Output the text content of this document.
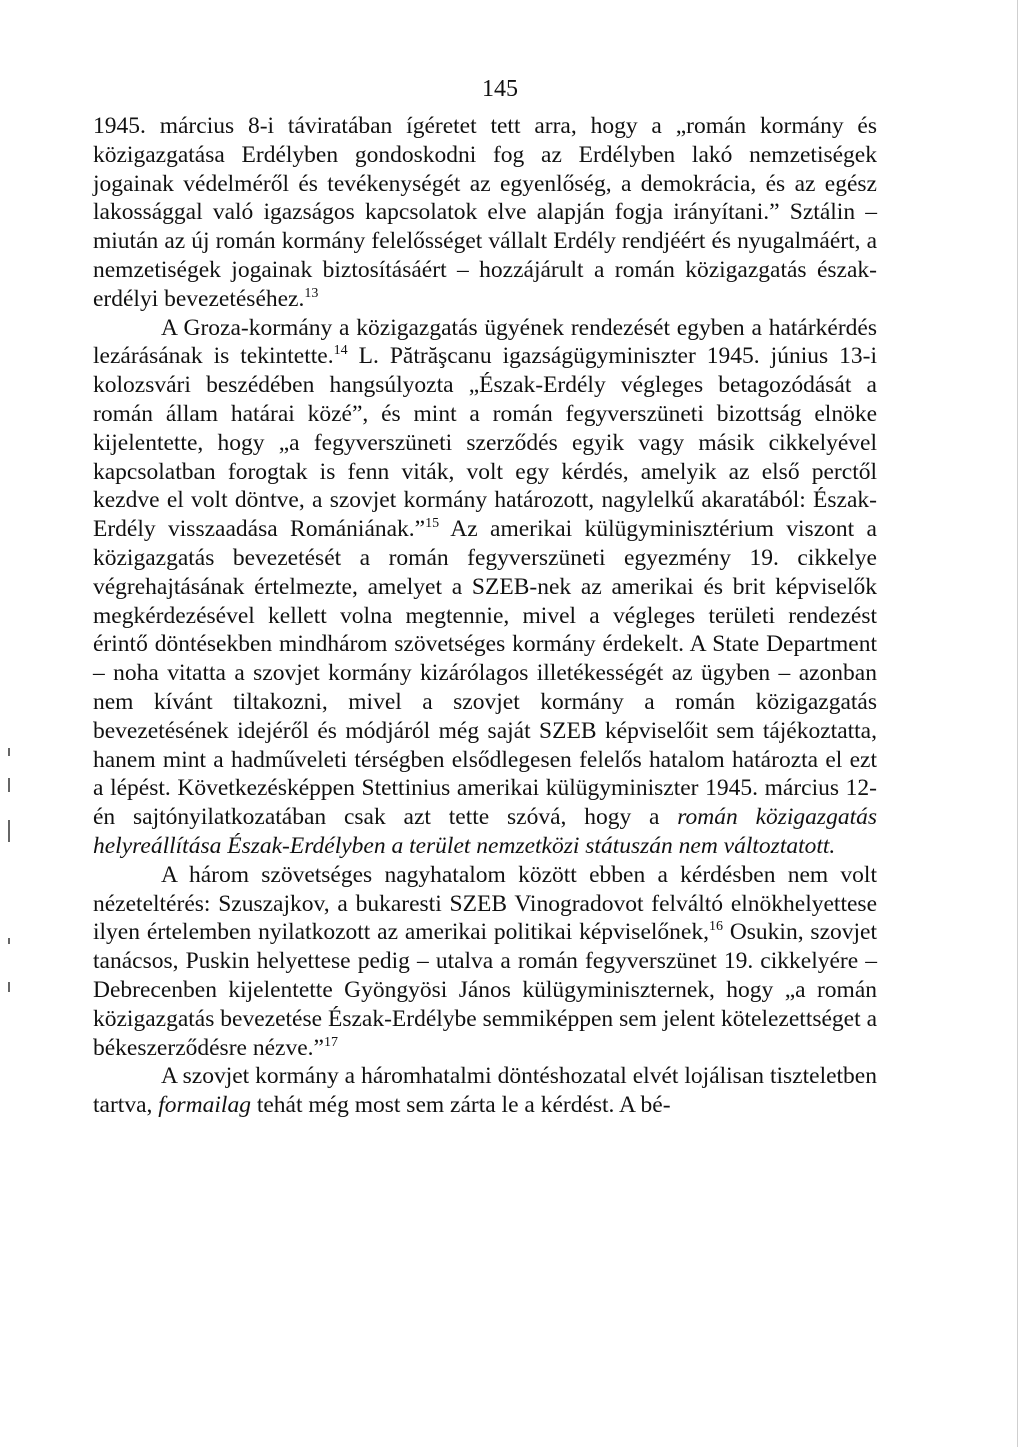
145

1945. március 8-i táviratában ígéretet tett arra, hogy a „román kormány és közigazgatása Erdélyben gondoskodni fog az Erdélyben lakó nemzetiségek jogainak védelméről és tevékenységét az egyenlőség, a demokrácia, és az egész lakossággal való igazságos kapcsolatok elve alapján fogja irányítani.” Sztálin – miután az új román kormány felelősséget vállalt Erdély rendjéért és nyugalmáért, a nemzetiségek jogainak biztosításáért – hozzájárult a román közigazgatás észak-erdélyi bevezetéséhez.$^{13}$

A Groza-kormány a közigazgatás ügyének rendezését egyben a határkérdés lezárásának is tekintette.$^{14}$ L. Pătrăşcanu igazságügyminiszter 1945. június 13-i kolozsvári beszédében hangsúlyozta „Észak-Erdély végleges betagozódását a román állam határai közé”, és mint a román fegyverszüneti bizottság elnöke kijelentette, hogy „a fegyverszüneti szerződés egyik vagy másik cikkelyével kapcsolatban forogtak is fenn viták, volt egy kérdés, amelyik az első perctől kezdve el volt döntve, a szovjet kormány határozott, nagylelkű akaratából: Észak-Erdély visszaadása Romániának.”$^{15}$ Az amerikai külügyminisztérium viszont a közigazgatás bevezetését a román fegyverszüneti egyezmény 19. cikkelye végrehajtásának értelmezte, amelyet a SZEB-nek az amerikai és brit képviselők megkérdezésével kellett volna megtennie, mivel a végleges területi rendezést érintő döntésekben mindhárom szövetséges kormány érdekelt. A State Department – noha vitatta a szovjet kormány kizárólagos illetékességét az ügyben – azonban nem kívánt tiltakozni, mivel a szovjet kormány a román közigazgatás bevezetésének idejéről és módjáról még saját SZEB képviselőit sem tájékoztatta, hanem mint a hadműveleti térségben elsődlegesen felelős hatalom határozta el ezt a lépést. Következésképpen Stettinius amerikai külügyminiszter 1945. március 12-én sajtónyilatkozatában csak azt tette szóvá, hogy a román közigazgatás helyreállítása Észak-Erdélyben a terület nemzetközi státuszán nem változtatott.

A három szövetséges nagyhatalom között ebben a kérdésben nem volt nézeteltérés: Szuszajkov, a bukaresti SZEB Vinogradovot felváltó elnökhelyettese ilyen értelemben nyilatkozott az amerikai politikai képviselőnek,$^{16}$ Osukin, szovjet tanácsos, Puskin helyettese pedig – utalva a román fegyverszünet 19. cikkelyére – Debrecenben kijelentette Gyöngyösi János külügyminiszternek, hogy „a román közigazgatás bevezetése Észak-Erdélybe semmiképpen sem jelent kötelezettséget a békeszerződésre nézve.”$^{17}$

A szovjet kormány a háromhatalmi döntéshozatal elvét lojálisan tiszteletben tartva, formailag tehát még most sem zárta le a kérdést. A bé-
